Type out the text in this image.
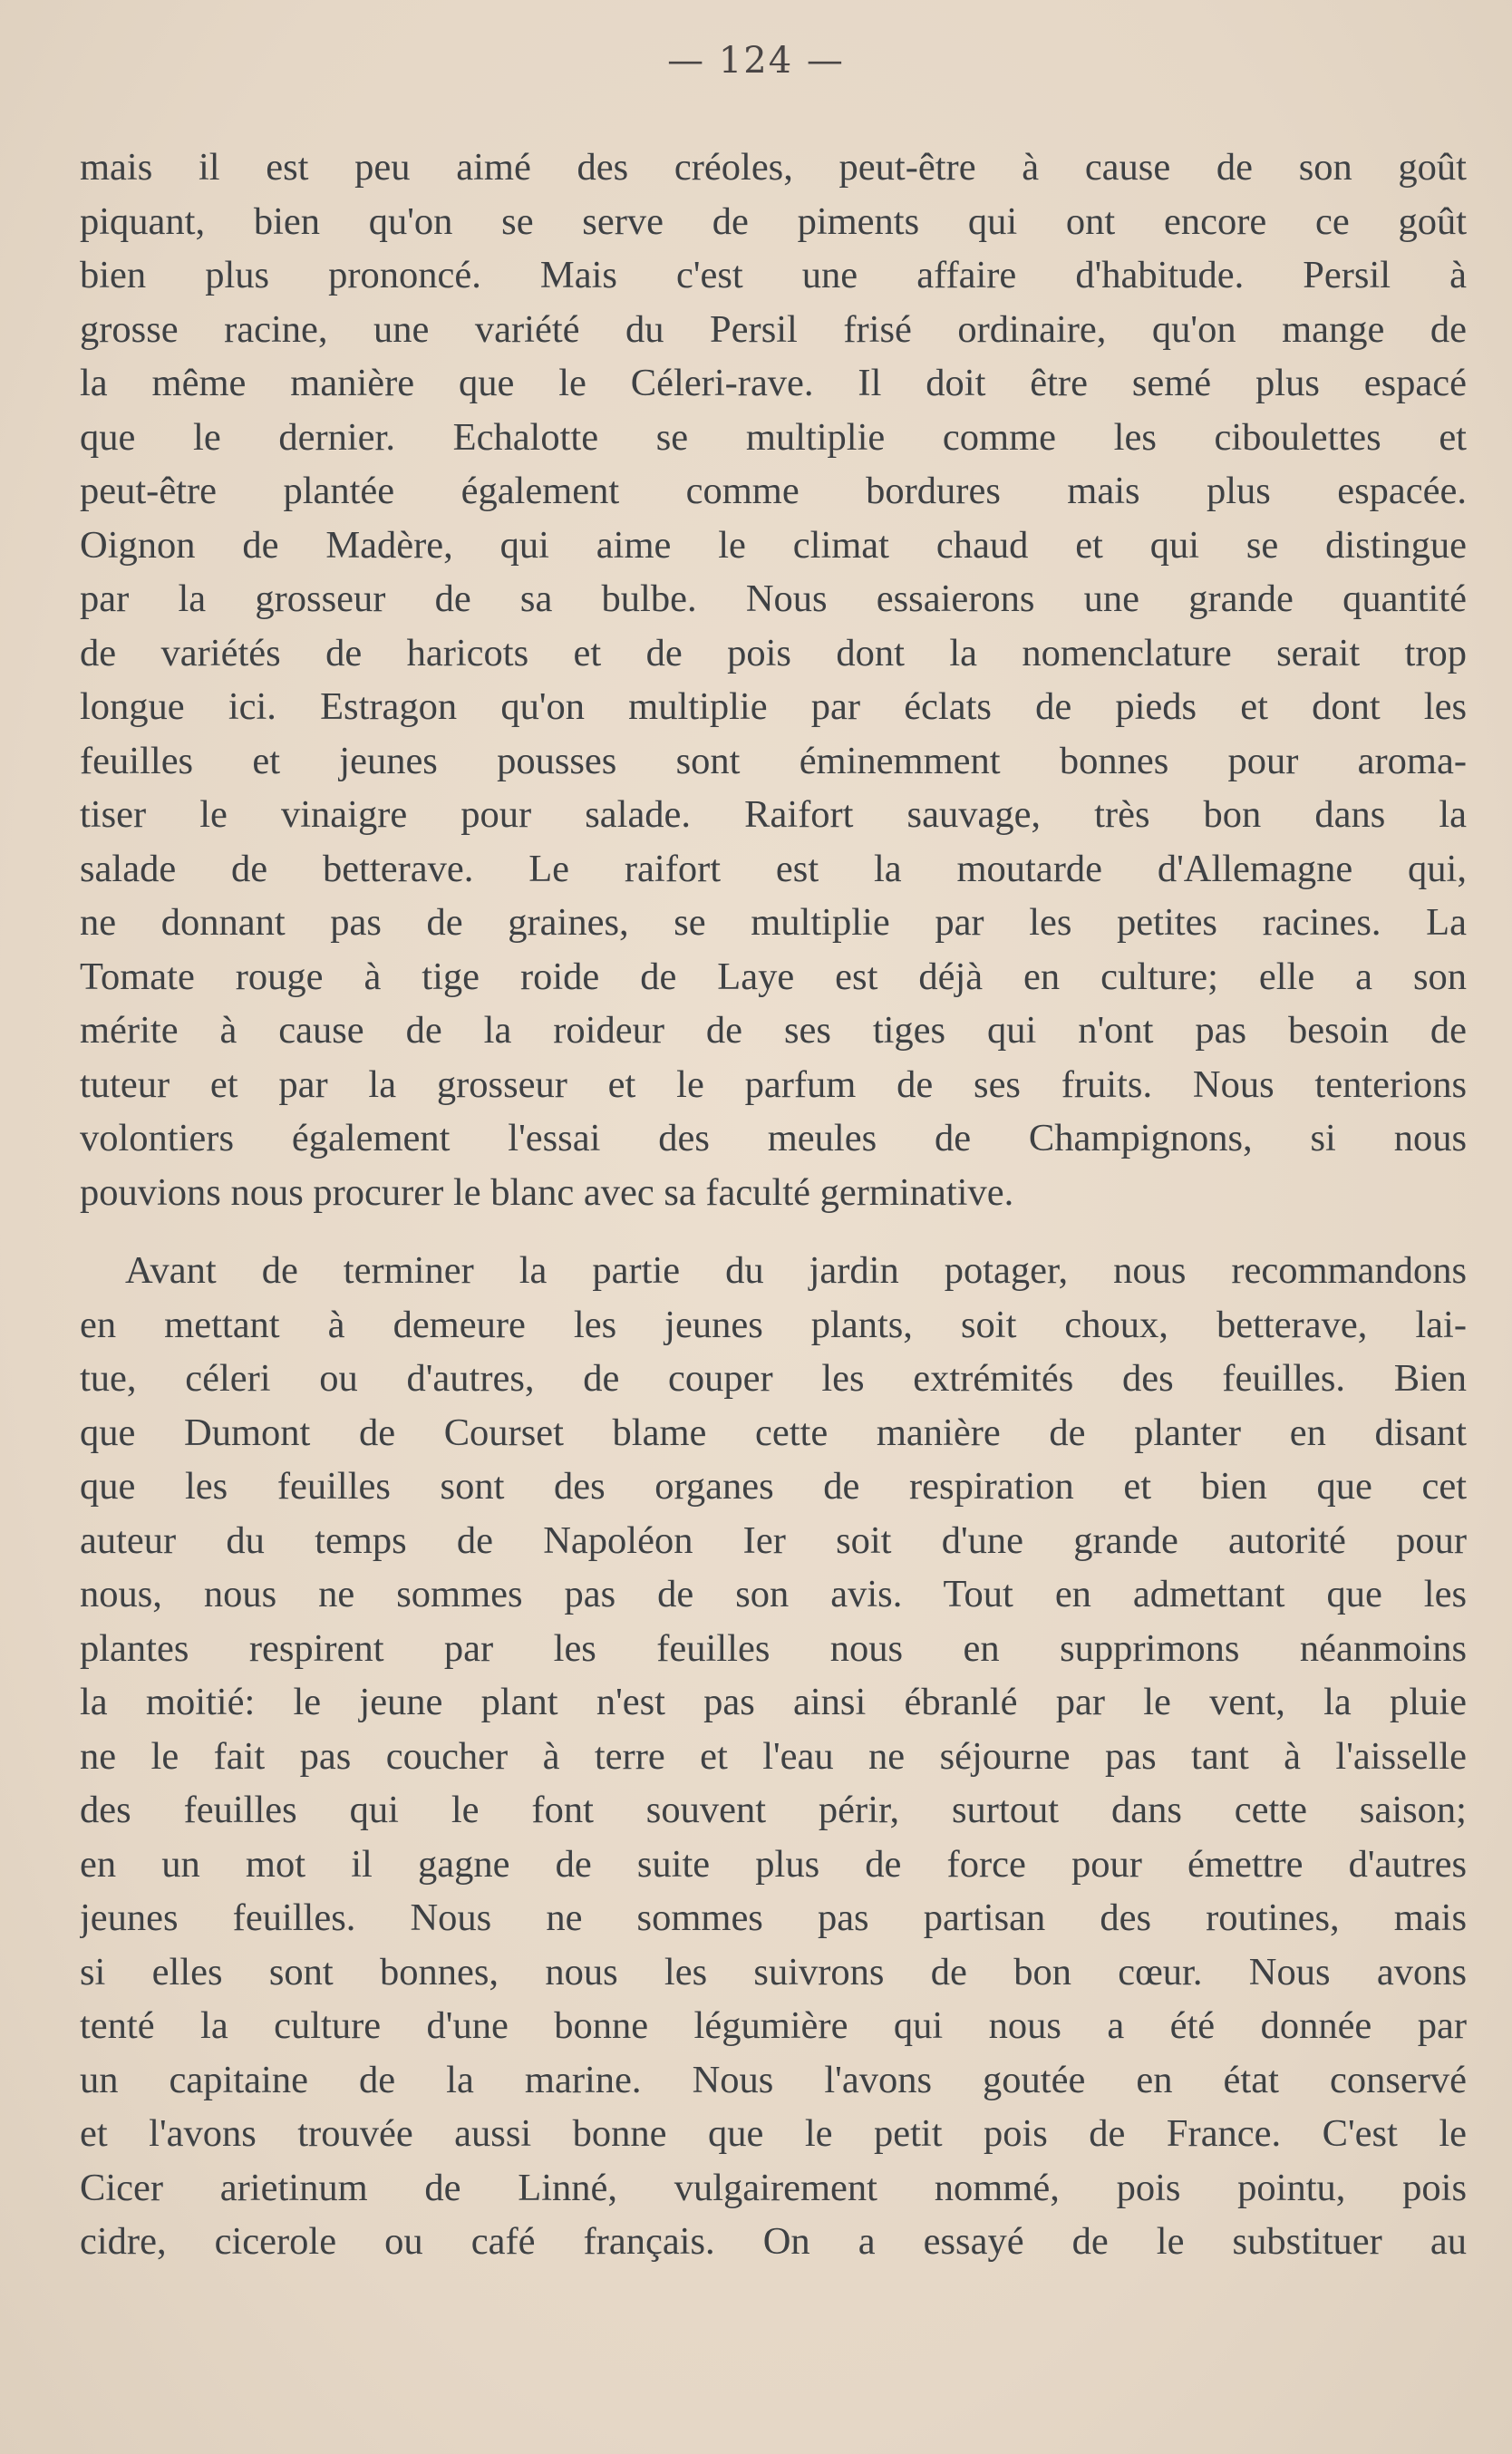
— 124 —
mais il est peu aimé des créoles, peut-être à cause de son goût
piquant, bien qu'on se serve de piments qui ont encore ce goût
bien plus prononcé. Mais c'est une affaire d'habitude. Persil à
grosse racine, une variété du Persil frisé ordinaire, qu'on mange de
la même manière que le Céleri-rave. Il doit être semé plus espacé
que le dernier. Echalotte se multiplie comme les ciboulettes et
peut-être plantée également comme bordures mais plus espacée.
Oignon de Madère, qui aime le climat chaud et qui se distingue
par la grosseur de sa bulbe. Nous essaierons une grande quantité
de variétés de haricots et de pois dont la nomenclature serait trop
longue ici. Estragon qu'on multiplie par éclats de pieds et dont les
feuilles et jeunes pousses sont éminemment bonnes pour aroma-
tiser le vinaigre pour salade. Raifort sauvage, très bon dans la
salade de betterave. Le raifort est la moutarde d'Allemagne qui,
ne donnant pas de graines, se multiplie par les petites racines. La
Tomate rouge à tige roide de Laye est déjà en culture; elle a son
mérite à cause de la roideur de ses tiges qui n'ont pas besoin de
tuteur et par la grosseur et le parfum de ses fruits. Nous tenterions
volontiers également l'essai des meules de Champignons, si nous
pouvions nous procurer le blanc avec sa faculté germinative.
Avant de terminer la partie du jardin potager, nous recommandons
en mettant à demeure les jeunes plants, soit choux, betterave, lai-
tue, céleri ou d'autres, de couper les extrémités des feuilles. Bien
que Dumont de Courset blame cette manière de planter en disant
que les feuilles sont des organes de respiration et bien que cet
auteur du temps de Napoléon Ier soit d'une grande autorité pour
nous, nous ne sommes pas de son avis. Tout en admettant que les
plantes respirent par les feuilles nous en supprimons néanmoins
la moitié: le jeune plant n'est pas ainsi ébranlé par le vent, la pluie
ne le fait pas coucher à terre et l'eau ne séjourne pas tant à l'aisselle
des feuilles qui le font souvent périr, surtout dans cette saison;
en un mot il gagne de suite plus de force pour émettre d'autres
jeunes feuilles. Nous ne sommes pas partisan des routines, mais
si elles sont bonnes, nous les suivrons de bon cœur. Nous avons
tenté la culture d'une bonne légumière qui nous a été donnée par
un capitaine de la marine. Nous l'avons goutée en état conservé
et l'avons trouvée aussi bonne que le petit pois de France. C'est le
Cicer arietinum de Linné, vulgairement nommé, pois pointu, pois
cidre, cicerole ou café français. On a essayé de le substituer au
